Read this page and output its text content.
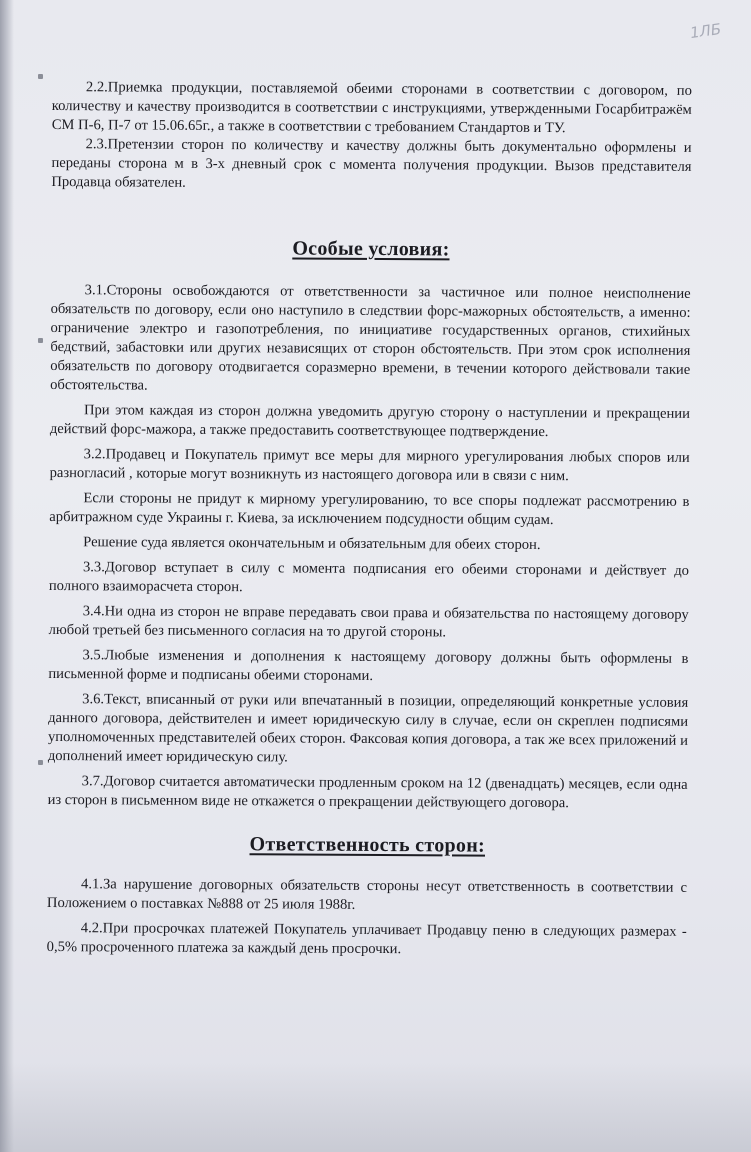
1ЛБ

2.2.Приемка продукции, поставляемой обеими сторонами в соответствии с договором, по количеству и качеству производится в соответствии с инструкциями, утвержденными Госарбитражём СМ П-6, П-7 от 15.06.65г., а также в соответствии с требованием Стандартов и ТУ.

2.3.Претензии сторон по количеству и качеству должны быть документально оформлены и переданы сторона м в 3-х дневный срок с момента получения продукции. Вызов представителя Продавца обязателен.

Особые условия:

3.1.Стороны освобождаются от ответственности за частичное или полное неисполнение обязательств по договору, если оно наступило в следствии форс-мажорных обстоятельств, а именно: ограничение электро и газопотребления, по инициативе государственных органов, стихийных бедствий, забастовки или других независящих от сторон обстоятельств. При этом срок исполнения обязательств по договору отодвигается соразмерно времени, в течении которого действовали такие обстоятельства.

При этом каждая из сторон должна уведомить другую сторону о наступлении и прекращении действий форс-мажора, а также предоставить соответствующее подтверждение.

3.2.Продавец и Покупатель примут все меры для мирного урегулирования любых споров или разногласий , которые могут возникнуть из настоящего договора или в связи с ним.

Если стороны не придут к мирному урегулированию, то все споры подлежат рассмотрению в арбитражном суде Украины г. Киева, за исключением подсудности общим судам.

Решение суда является окончательным и обязательным для обеих сторон.

3.3.Договор вступает в силу с момента подписания его обеими сторонами и действует до полного взаиморасчета сторон.

3.4.Ни одна из сторон не вправе передавать свои права и обязательства по настоящему договору любой третьей без письменного согласия на то другой стороны.

3.5.Любые изменения и дополнения к настоящему договору должны быть оформлены в письменной форме и подписаны обеими сторонами.

3.6.Текст, вписанный от руки или впечатанный в позиции, определяющий конкретные условия данного договора, действителен и имеет юридическую силу в случае, если он скреплен подписями уполномоченных представителей обеих сторон. Факсовая копия договора, а так же всех приложений и дополнений имеет юридическую силу.

3.7.Договор считается автоматически продленным сроком на 12 (двенадцать) месяцев, если одна из сторон в письменном виде не откажется о прекращении действующего договора.

Ответственность сторон:

4.1.За нарушение договорных обязательств стороны несут ответственность в соответствии с Положением о поставках №888 от 25 июля 1988г.

4.2.При просрочках платежей Покупатель уплачивает Продавцу пеню в следующих размерах - 0,5% просроченного платежа за каждый день просрочки.
